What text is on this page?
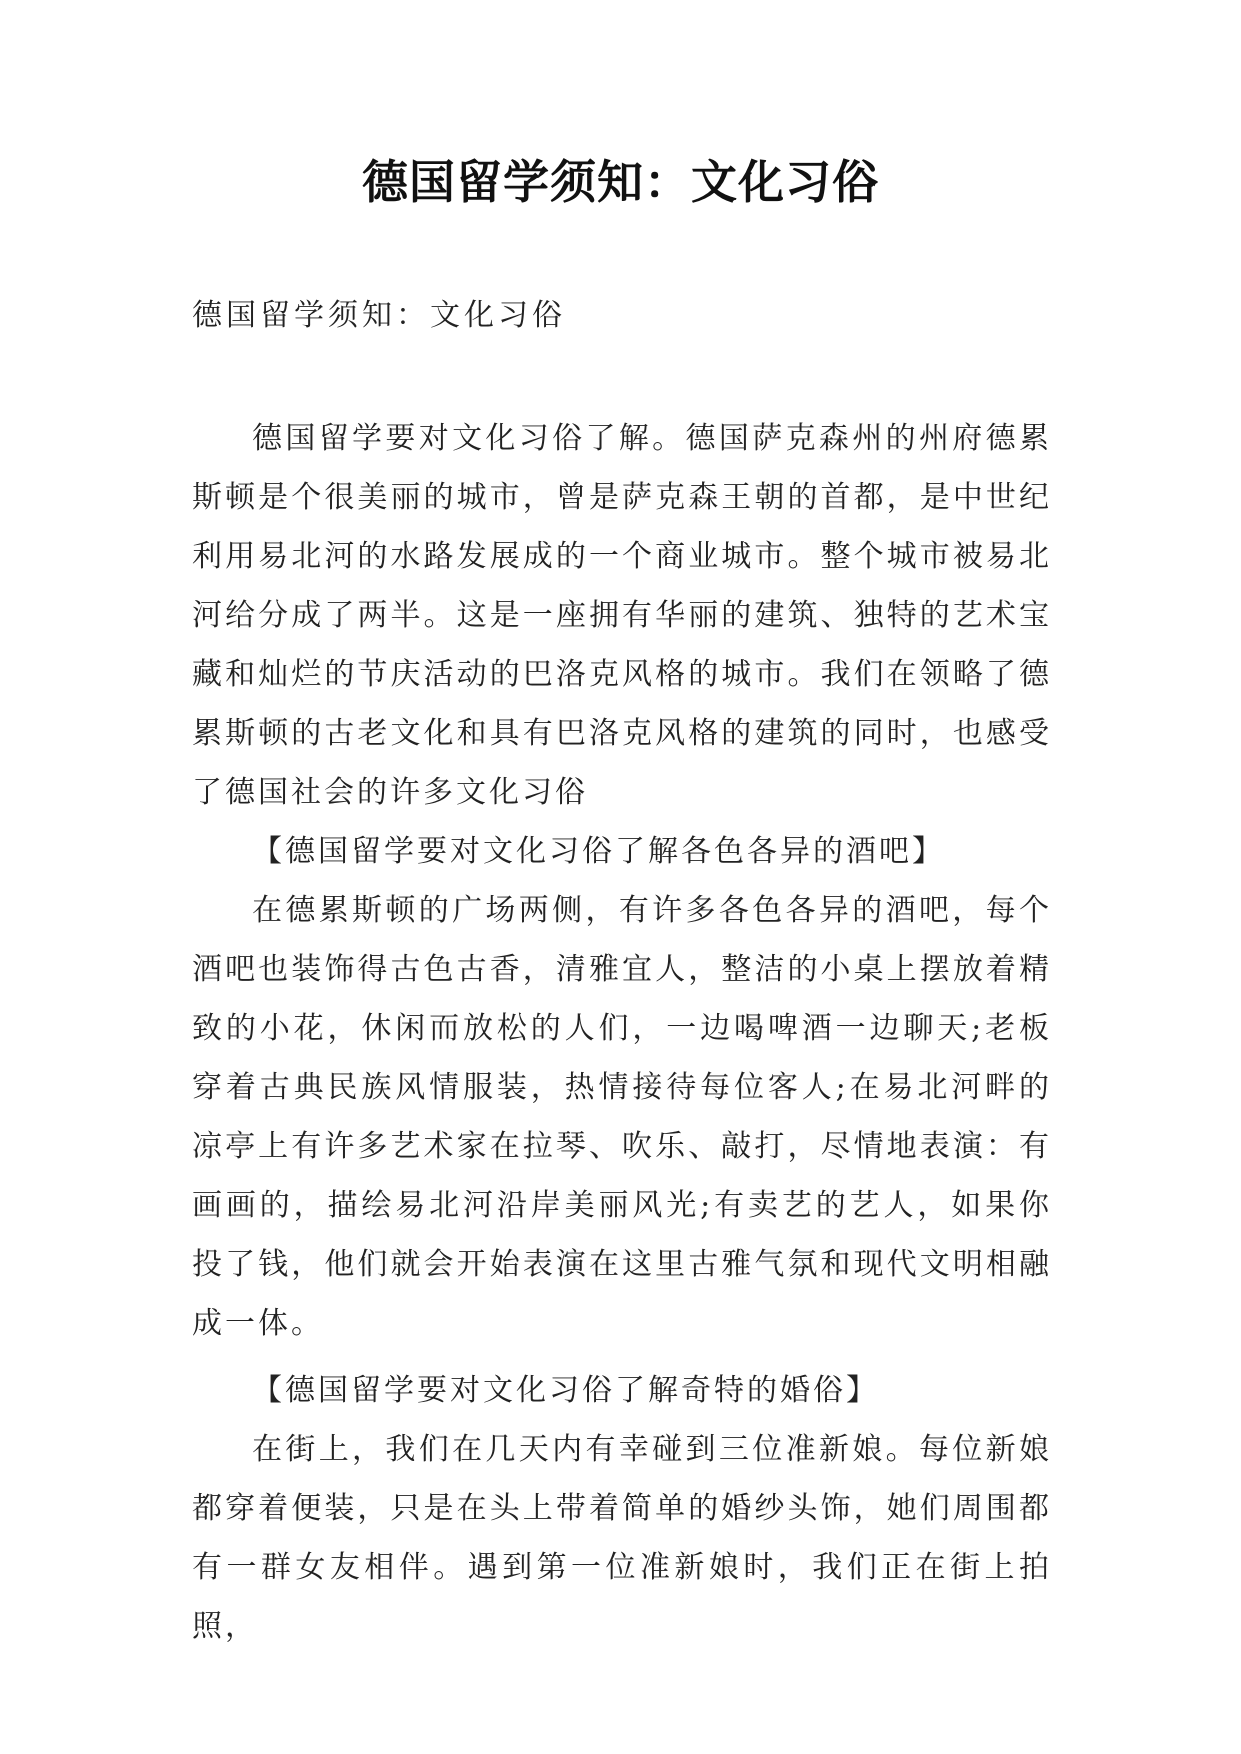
德国留学须知：文化习俗
德国留学须知：文化习俗

德国留学要对文化习俗了解。德国萨克森州的州府德累斯顿是个很美丽的城市，曾是萨克森王朝的首都，是中世纪利用易北河的水路发展成的一个商业城市。整个城市被易北河给分成了两半。这是一座拥有华丽的建筑、独特的艺术宝藏和灿烂的节庆活动的巴洛克风格的城市。我们在领略了德累斯顿的古老文化和具有巴洛克风格的建筑的同时，也感受了德国社会的许多文化习俗

【德国留学要对文化习俗了解各色各异的酒吧】

在德累斯顿的广场两侧，有许多各色各异的酒吧，每个酒吧也装饰得古色古香，清雅宜人，整洁的小桌上摆放着精致的小花，休闲而放松的人们，一边喝啤酒一边聊天;老板穿着古典民族风情服装，热情接待每位客人;在易北河畔的凉亭上有许多艺术家在拉琴、吹乐、敲打，尽情地表演：有画画的，描绘易北河沿岸美丽风光;有卖艺的艺人，如果你投了钱，他们就会开始表演在这里古雅气氛和现代文明相融成一体。

【德国留学要对文化习俗了解奇特的婚俗】

在街上，我们在几天内有幸碰到三位准新娘。每位新娘都穿着便装，只是在头上带着简单的婚纱头饰，她们周围都有一群女友相伴。遇到第一位准新娘时，我们正在街上拍照，
